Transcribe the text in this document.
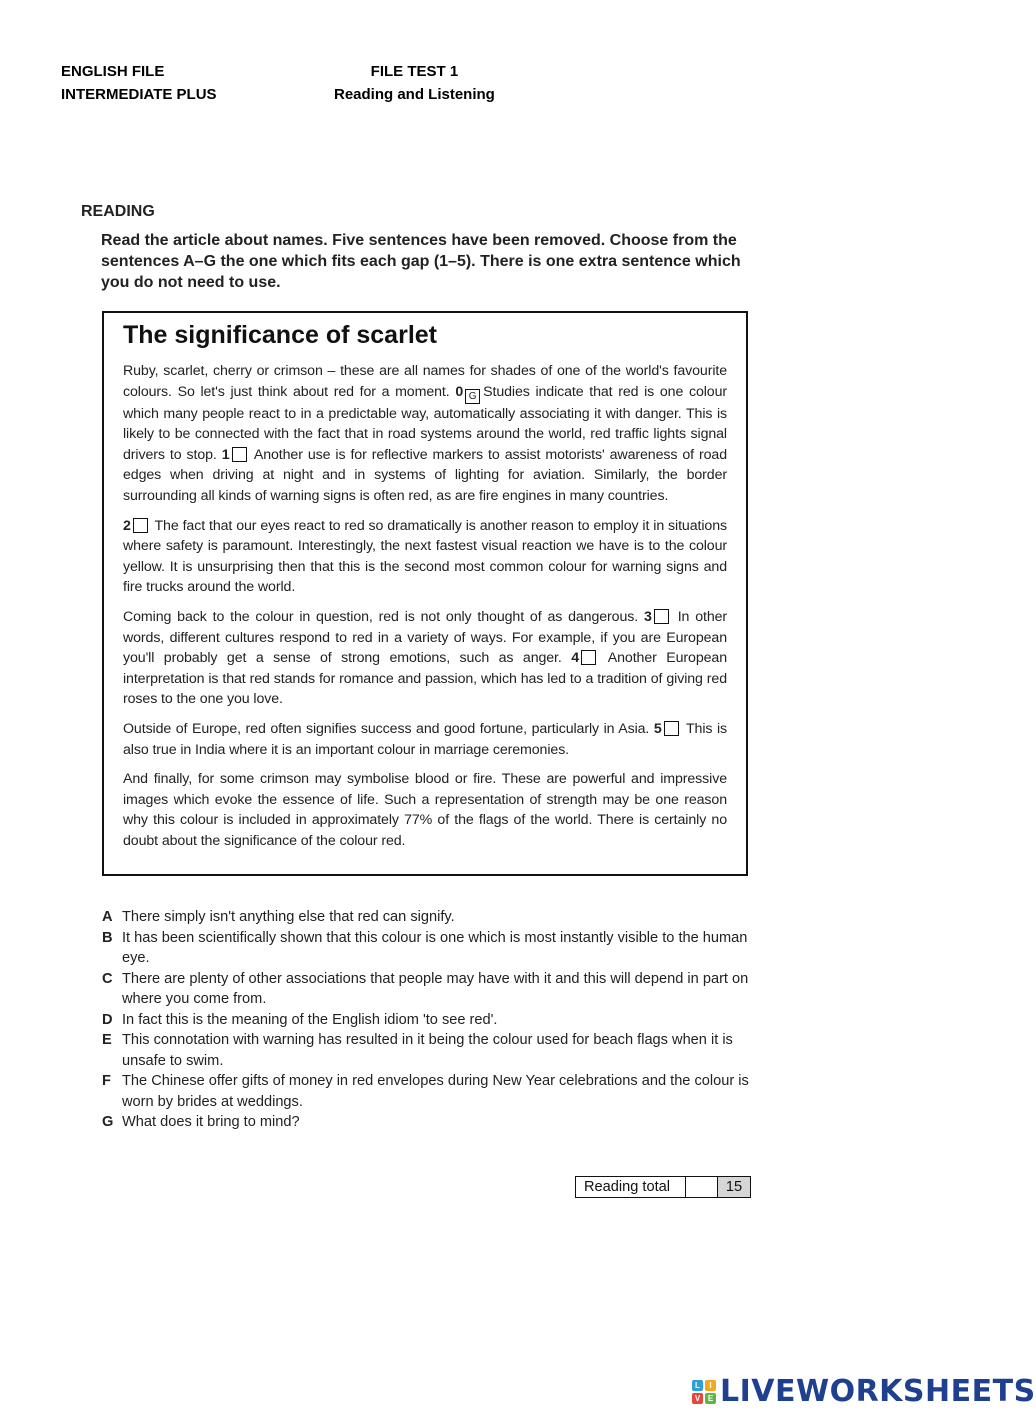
ENGLISH FILE
INTERMEDIATE PLUS
FILE TEST 1
Reading and Listening
READING
Read the article about names. Five sentences have been removed. Choose from the sentences A–G the one which fits each gap (1–5). There is one extra sentence which you do not need to use.
The significance of scarlet

Ruby, scarlet, cherry or crimson – these are all names for shades of one of the world's favourite colours. So let's just think about red for a moment. 0 G Studies indicate that red is one colour which many people react to in a predictable way, automatically associating it with danger. This is likely to be connected with the fact that in road systems around the world, red traffic lights signal drivers to stop. 1 Another use is for reflective markers to assist motorists' awareness of road edges when driving at night and in systems of lighting for aviation. Similarly, the border surrounding all kinds of warning signs is often red, as are fire engines in many countries.

2 The fact that our eyes react to red so dramatically is another reason to employ it in situations where safety is paramount. Interestingly, the next fastest visual reaction we have is to the colour yellow. It is unsurprising then that this is the second most common colour for warning signs and fire trucks around the world.

Coming back to the colour in question, red is not only thought of as dangerous. 3 In other words, different cultures respond to red in a variety of ways. For example, if you are European you'll probably get a sense of strong emotions, such as anger. 4 Another European interpretation is that red stands for romance and passion, which has led to a tradition of giving red roses to the one you love.

Outside of Europe, red often signifies success and good fortune, particularly in Asia. 5 This is also true in India where it is an important colour in marriage ceremonies.

And finally, for some crimson may symbolise blood or fire. These are powerful and impressive images which evoke the essence of life. Such a representation of strength may be one reason why this colour is included in approximately 77% of the flags of the world. There is certainly no doubt about the significance of the colour red.

A There simply isn't anything else that red can signify.
B It has been scientifically shown that this colour is one which is most instantly visible to the human eye.
C There are plenty of other associations that people may have with it and this will depend in part on where you come from.
D In fact this is the meaning of the English idiom 'to see red'.
E This connotation with warning has resulted in it being the colour used for beach flags when it is unsafe to swim.
F The Chinese offer gifts of money in red envelopes during New Year celebrations and the colour is worn by brides at weddings.
G What does it bring to mind?
Reading total	15
L	I
V E LIVEWORKSHEETS
